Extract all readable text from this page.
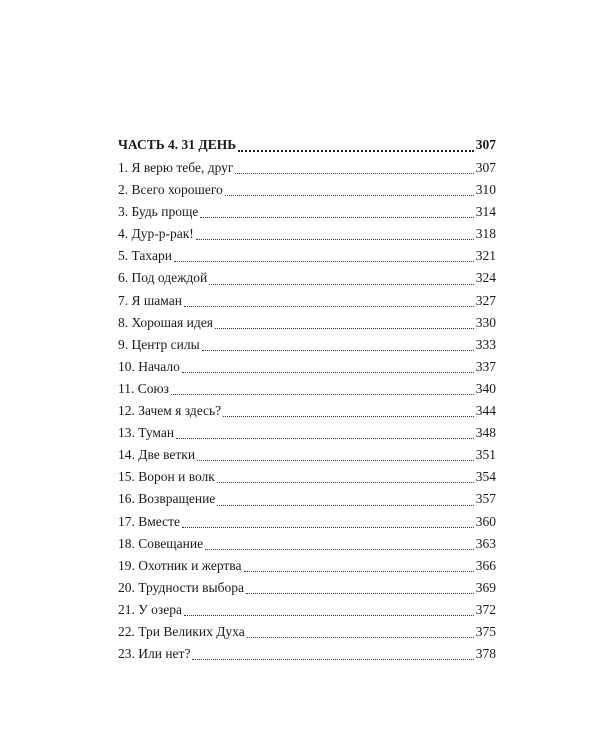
ЧАСТЬ 4. 31 ДЕНЬ	307
1. Я верю тебе, друг	307
2. Всего хорошего	310
3. Будь проще	314
4. Дур-р-рак!	318
5. Тахари	321
6. Под одеждой	324
7. Я шаман	327
8. Хорошая идея	330
9. Центр силы	333
10. Начало	337
11. Союз	340
12. Зачем я здесь?	344
13. Туман	348
14. Две ветки	351
15. Ворон и волк	354
16. Возвращение	357
17. Вместе	360
18. Совещание	363
19. Охотник и жертва	366
20. Трудности выбора	369
21. У озера	372
22. Три Великих Духа	375
23. Или нет?	378
